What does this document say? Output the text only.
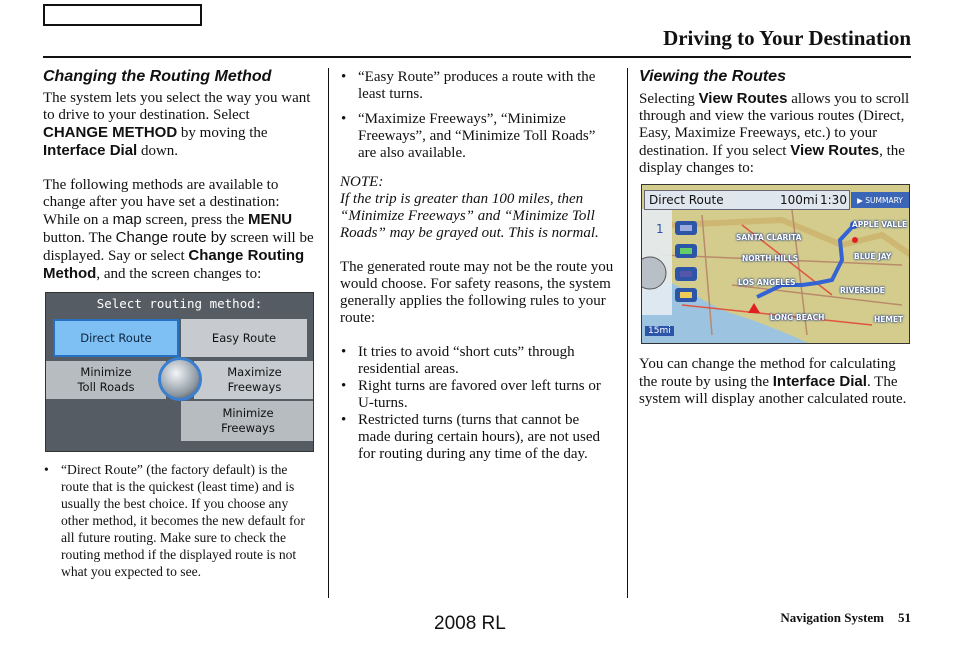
Driving to Your Destination
Changing the Routing Method

The system lets you select the way you want to drive to your destination. Select CHANGE METHOD by moving the Interface Dial down.

The following methods are available to change after you have set a destination: While on a map screen, press the MENU button. The Change route by screen will be displayed. Say or select Change Routing Method, and the screen changes to:

Select routing method:
Direct Route	Easy Route
Minimize
Toll Roads
Maximize
Freeways
Minimize
Freeways
• “Direct Route” (the factory default) is the route that is the quickest (least time) and is usually the best choice. If you choose any other method, it becomes the new default for all future routing. Make sure to check the routing method if the displayed route is not what you expected to see.
• “Easy Route” produces a route with the least turns.
• “Maximize Freeways”, “Minimize Freeways”, and “Minimize Toll Roads” are also available.

NOTE:

If the trip is greater than 100 miles, then “Minimize Freeways” and “Minimize Toll Roads” may be grayed out. This is normal.

The generated route may not be the route you would choose. For safety reasons, the system generally applies the following rules to your route:

• It tries to avoid “short cuts” through residential areas.
• Right turns are favored over left turns or U-turns.
• Restricted turns (turns that cannot be made during certain hours), are not used for routing during any time of the day.
Viewing the Routes

Selecting View Routes allows you to scroll through and view the various routes (Direct, Easy, Maximize Freeways, etc.) to your destination. If you select View Routes, the display changes to:

1
Direct Route	100mi 1:30	▶ SUMMARY
SANTA CLARITA
APPLE VALLE
NORTH HILLS	BLUE JAY
LOS ANGELES
RIVERSIDE
LONG BEACH	HEMET
15mi

You can change the method for calculating the route by using the Interface Dial. The system will display another calculated route.

2008 RL	Navigation System 51
